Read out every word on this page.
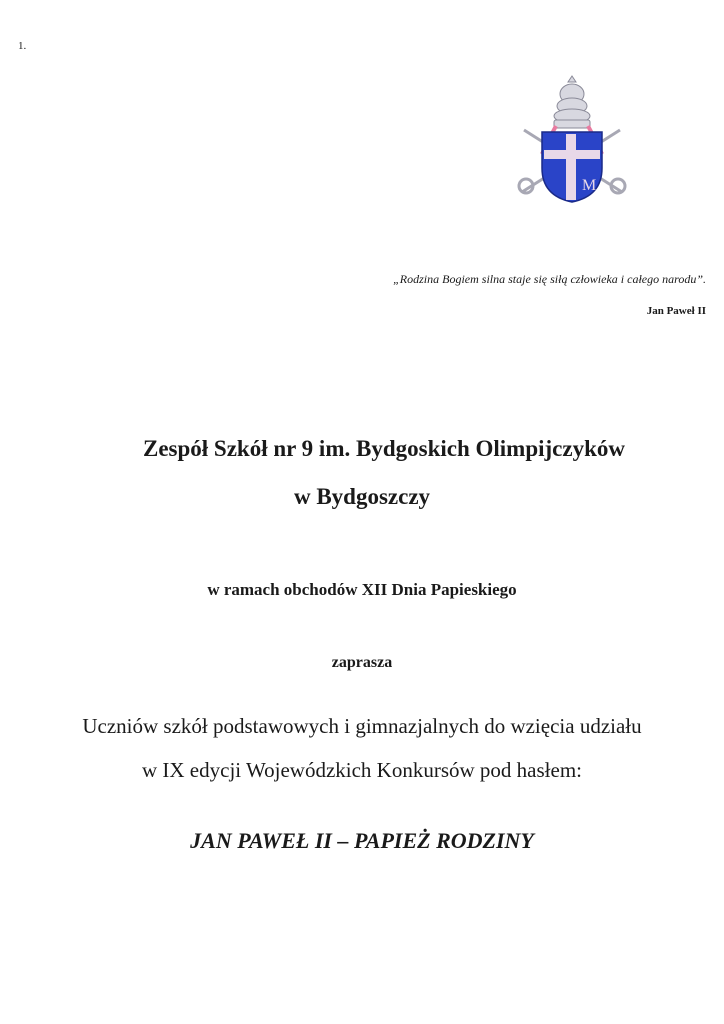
1.
M
„Rodzina Bogiem silna staje się siłą człowieka i całego narodu”.
Jan Paweł II
Zespół Szkół nr 9 im. Bydgoskich Olimpijczyków
w Bydgoszczy
w ramach obchodów XII Dnia Papieskiego
zaprasza
Uczniów szkół podstawowych i gimnazjalnych do wzięcia udziału
w IX edycji Wojewódzkich Konkursów pod hasłem:
JAN PAWEŁ II – PAPIEŻ RODZINY
